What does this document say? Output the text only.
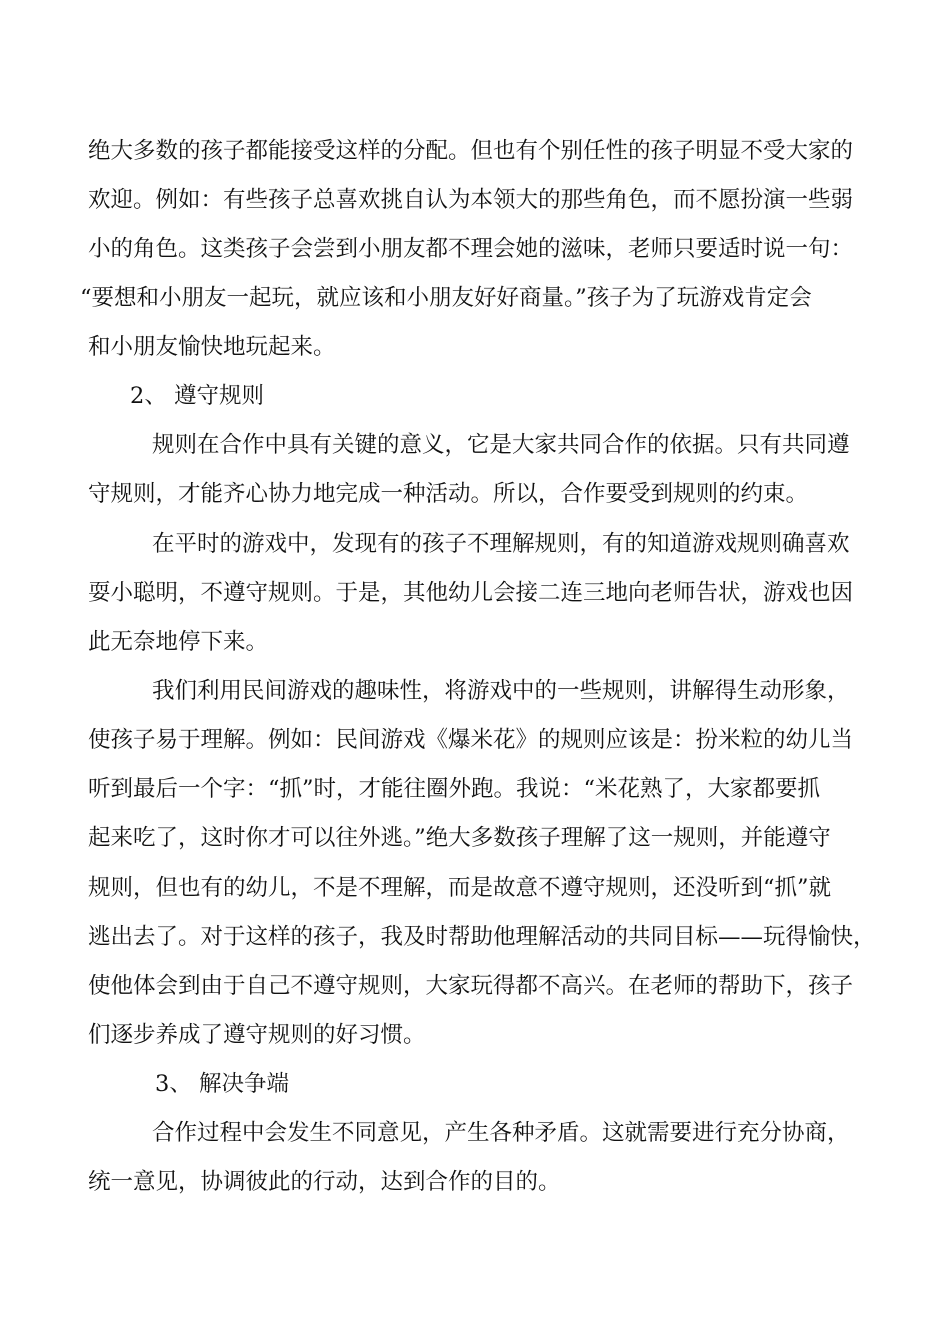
绝大多数的孩子都能接受这样的分配。但也有个别任性的孩子明显不受大家的

欢迎。例如：有些孩子总喜欢挑自认为本领大的那些角色，而不愿扮演一些弱

小的角色。这类孩子会尝到小朋友都不理会她的滋味，老师只要适时说一句：

“要想和小朋友一起玩，就应该和小朋友好好商量。”孩子为了玩游戏肯定会

和小朋友愉快地玩起来。

2、 遵守规则

规则在合作中具有关键的意义，它是大家共同合作的依据。只有共同遵

守规则，才能齐心协力地完成一种活动。所以，合作要受到规则的约束。

在平时的游戏中，发现有的孩子不理解规则，有的知道游戏规则确喜欢

耍小聪明，不遵守规则。于是，其他幼儿会接二连三地向老师告状，游戏也因

此无奈地停下来。

我们利用民间游戏的趣味性，将游戏中的一些规则，讲解得生动形象，

使孩子易于理解。例如：民间游戏《爆米花》的规则应该是：扮米粒的幼儿当

听到最后一个字：“抓”时，才能往圈外跑。我说：“米花熟了，大家都要抓

起来吃了，这时你才可以往外逃。”绝大多数孩子理解了这一规则，并能遵守

规则，但也有的幼儿，不是不理解，而是故意不遵守规则，还没听到“抓”就

逃出去了。对于这样的孩子，我及时帮助他理解活动的共同目标——玩得愉快，

使他体会到由于自己不遵守规则，大家玩得都不高兴。在老师的帮助下，孩子

们逐步养成了遵守规则的好习惯。

3、 解决争端

合作过程中会发生不同意见，产生各种矛盾。这就需要进行充分协商，

统一意见，协调彼此的行动，达到合作的目的。
